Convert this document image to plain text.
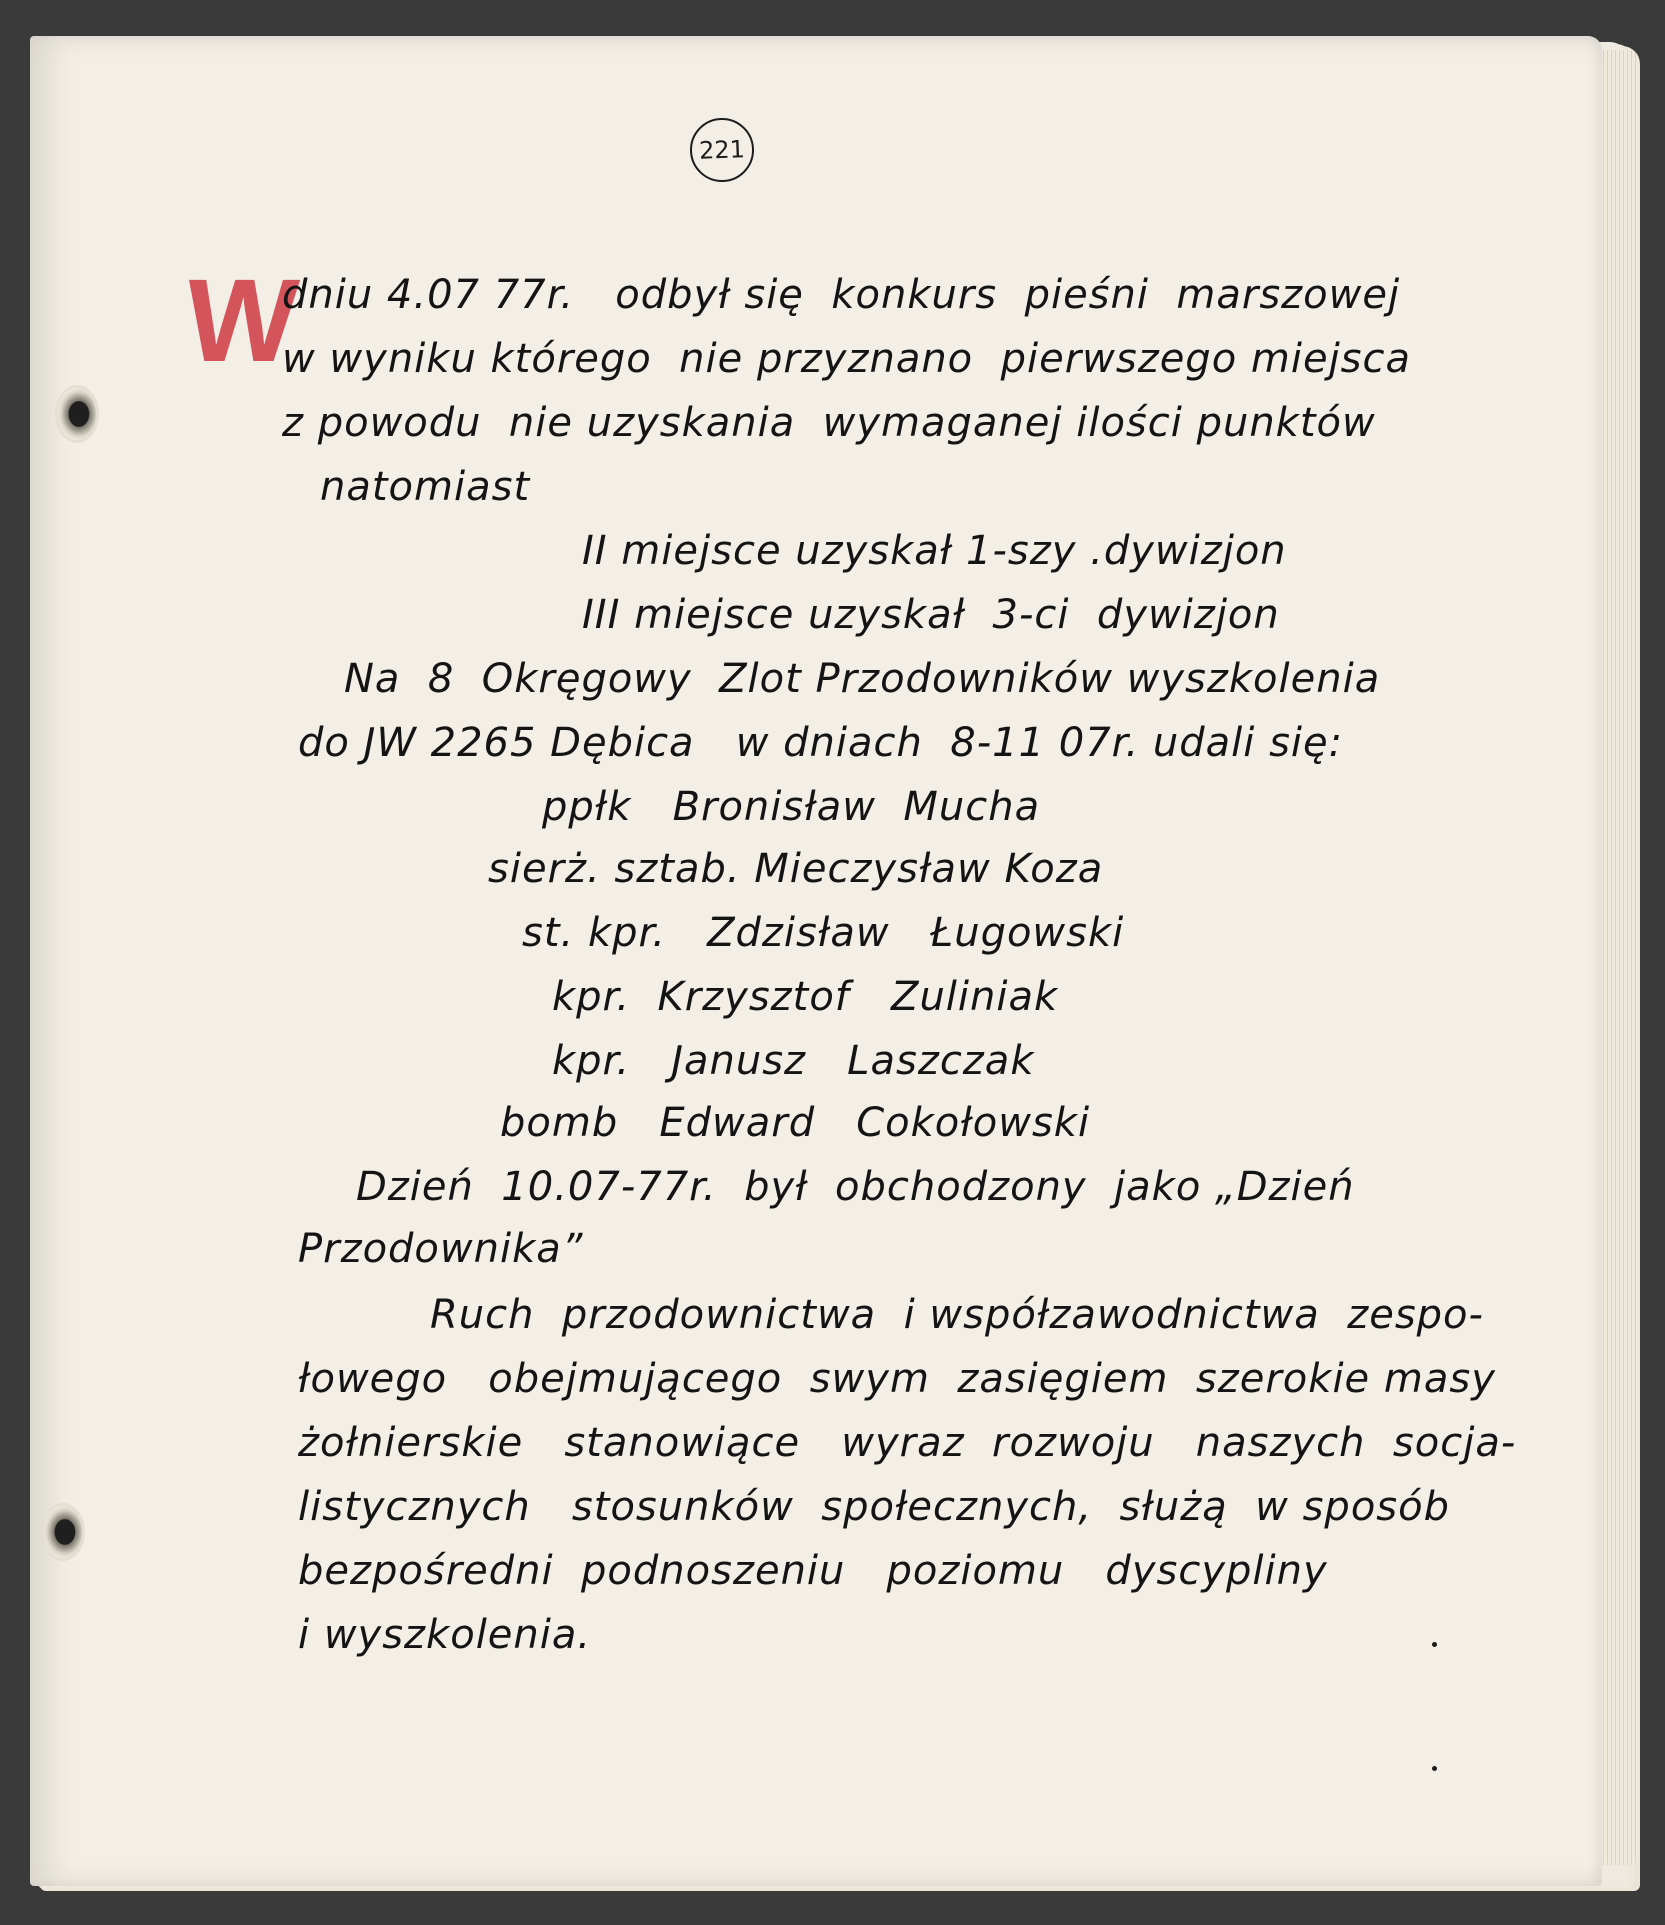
221
W
dniu 4.07 77r.   odbył się  konkurs  pieśni  marszowej
w wyniku którego  nie przyznano  pierwszego miejsca
z powodu  nie uzyskania  wymaganej ilości punktów
natomiast
II miejsce uzyskał 1-szy .dywizjon
III miejsce uzyskał  3-ci  dywizjon
Na  8  Okręgowy  Zlot Przodowników wyszkolenia
do JW 2265 Dębica   w dniach  8-11 07r. udali się:
ppłk   Bronisław  Mucha
sierż. sztab. Mieczysław Koza
st. kpr.   Zdzisław   Ługowski
kpr.  Krzysztof   Zuliniak
kpr.   Janusz   Laszczak
bomb   Edward   Cokołowski
Dzień  10.07-77r.  był  obchodzony  jako „Dzień
Przodownika”
Ruch  przodownictwa  i współzawodnictwa  zespo-
łowego   obejmującego  swym  zasięgiem  szerokie masy
żołnierskie   stanowiące   wyraz  rozwoju   naszych  socja-
listycznych   stosunków  społecznych,  służą  w sposób
bezpośredni  podnoszeniu   poziomu   dyscypliny
i wyszkolenia.
